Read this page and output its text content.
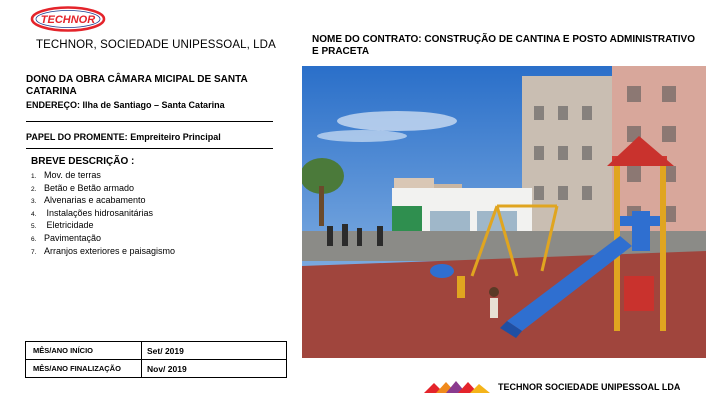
TECHNOR
TECHNOR, SOCIEDADE UNIPESSOAL, LDA	NOME DO CONTRATO: CONSTRUÇÃO DE CANTINA E POSTO ADMINISTRATIVO E PRACETA
DONO DA OBRA CÂMARA MICIPAL DE SANTA CATARINA
ENDEREÇO: Ilha de Santiago – Santa Catarina
PAPEL DO PROMENTE: Empreiteiro Principal
BREVE DESCRIÇÃO :
1. Mov. de terras
2. Betão e Betão armado
3. Alvenarias e acabamento
4. Instalações hidrosanitárias
5. Eletricidade
6. Pavimentação
7. Arranjos exteriores e paisagismo
MÊS/ANO INÍCIO	Set/ 2019
MÊS/ANO FINALIZAÇÃO	Nov/ 2019
TECHNOR SOCIEDADE UNIPESSOAL LDA
